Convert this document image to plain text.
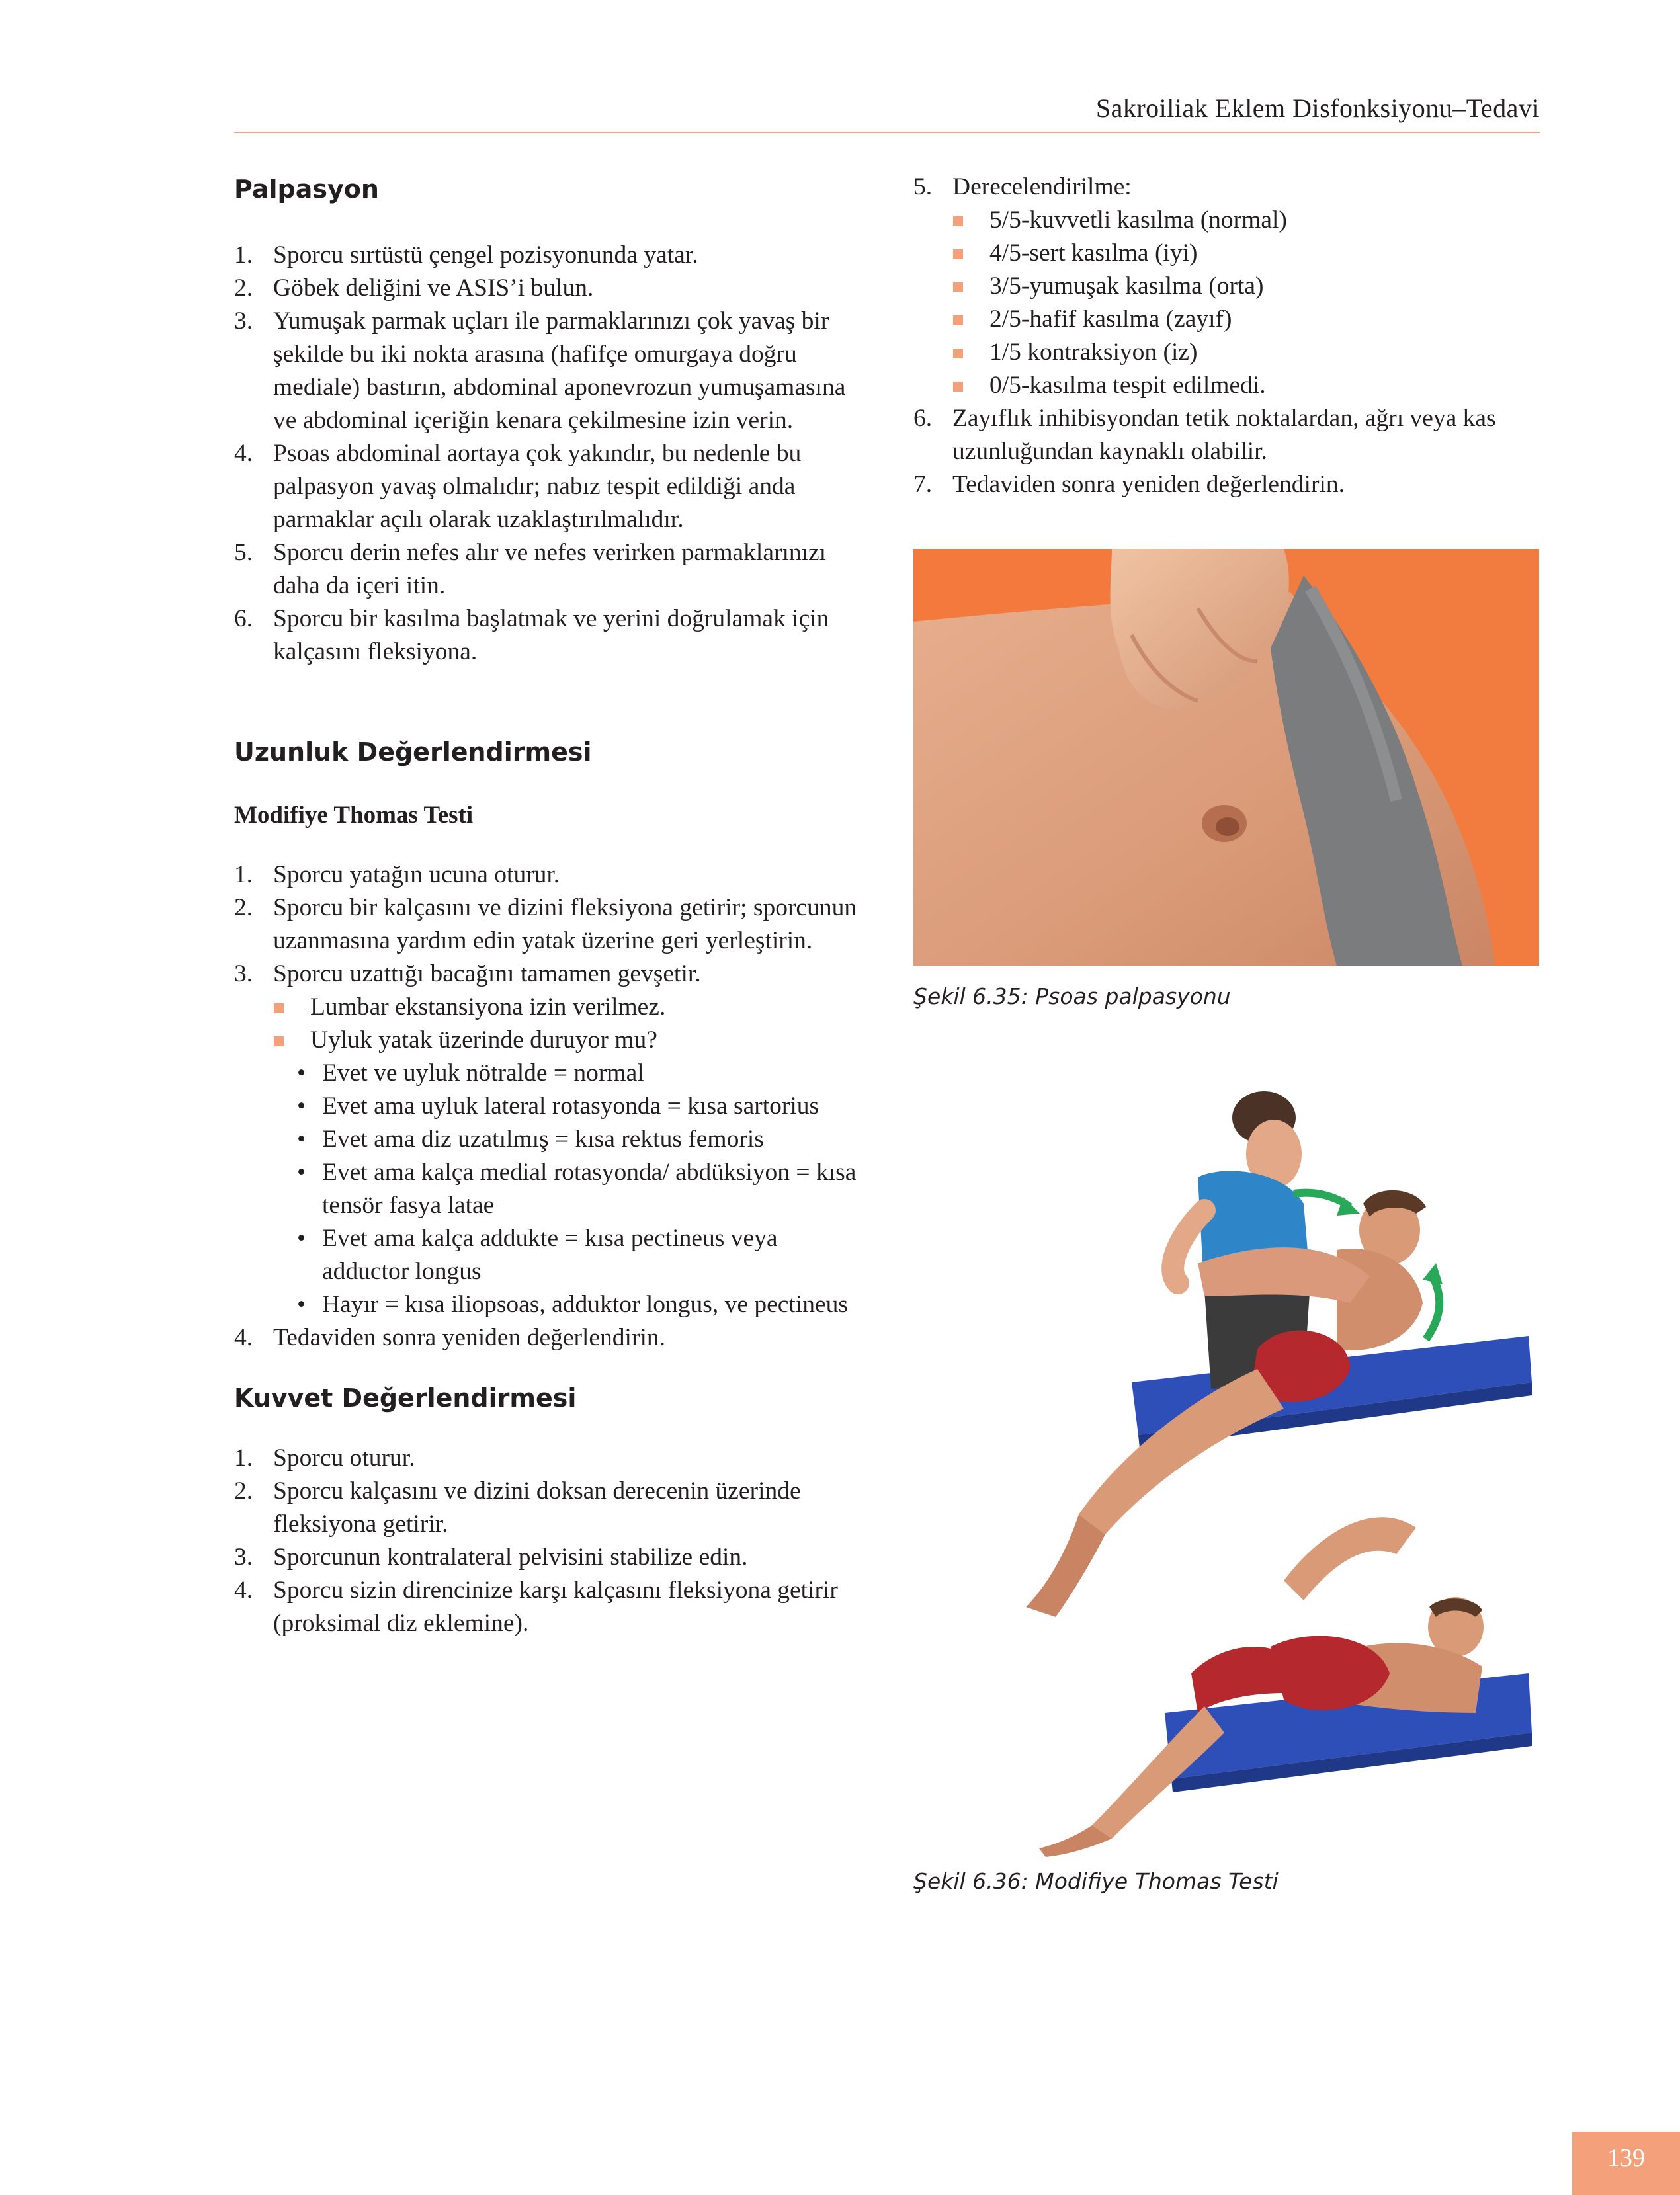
Sakroiliak Eklem Disfonksiyonu–Tedavi
Palpasyon
1. Sporcu sırtüstü çengel pozisyonunda yatar.
2. Göbek deliğini ve ASIS’i bulun.
3. Yumuşak parmak uçları ile parmaklarınızı çok yavaş bir şekilde bu iki nokta arasına (hafifçe omurgaya doğru mediale) bastırın, abdominal aponevrozun yumuşamasına ve abdominal içeriğin kenara çekilmesine izin verin.
4. Psoas abdominal aortaya çok yakındır, bu nedenle bu palpasyon yavaş olmalıdır; nabız tespit edildiği anda parmaklar açılı olarak uzaklaştırılmalıdır.
5. Sporcu derin nefes alır ve nefes verirken parmaklarınızı daha da içeri itin.
6. Sporcu bir kasılma başlatmak ve yerini doğrulamak için kalçasını fleksiyona.
Uzunluk Değerlendirmesi
Modifiye Thomas Testi
1. Sporcu yatağın ucuna oturur.
2. Sporcu bir kalçasını ve dizini fleksiyona getirir; sporcunun uzanmasına yardım edin yatak üzerine geri yerleştirin.
3. Sporcu uzattığı bacağını tamamen gevşetir.
Lumbar ekstansiyona izin verilmez.
Uyluk yatak üzerinde duruyor mu?
• Evet ve uyluk nötralde = normal
• Evet ama uyluk lateral rotasyonda = kısa sartorius
• Evet ama diz uzatılmış = kısa rektus femoris
• Evet ama kalça medial rotasyonda/ abdüksiyon = kısa tensör fasya latae
• Evet ama kalça addukte = kısa pectineus veya adductor longus
• Hayır = kısa iliopsoas, adduktor longus, ve pectineus
4. Tedaviden sonra yeniden değerlendirin.
Kuvvet Değerlendirmesi
1. Sporcu oturur.
2. Sporcu kalçasını ve dizini doksan derecenin üzerinde fleksiyona getirir.
3. Sporcunun kontralateral pelvisini stabilize edin.
4. Sporcu sizin direncinize karşı kalçasını fleksiyona getirir (proksimal diz eklemine).
5. Derecelendirilme:
5/5-kuvvetli kasılma (normal)
4/5-sert kasılma (iyi)
3/5-yumuşak kasılma (orta)
2/5-hafif kasılma (zayıf)
1/5 kontraksiyon (iz)
0/5-kasılma tespit edilmedi.
6. Zayıflık inhibisyondan tetik noktalardan, ağrı veya kas uzunluğundan kaynaklı olabilir.
7. Tedaviden sonra yeniden değerlendirin.
Şekil 6.35: Psoas palpasyonu
Şekil 6.36: Modifiye Thomas Testi
139
